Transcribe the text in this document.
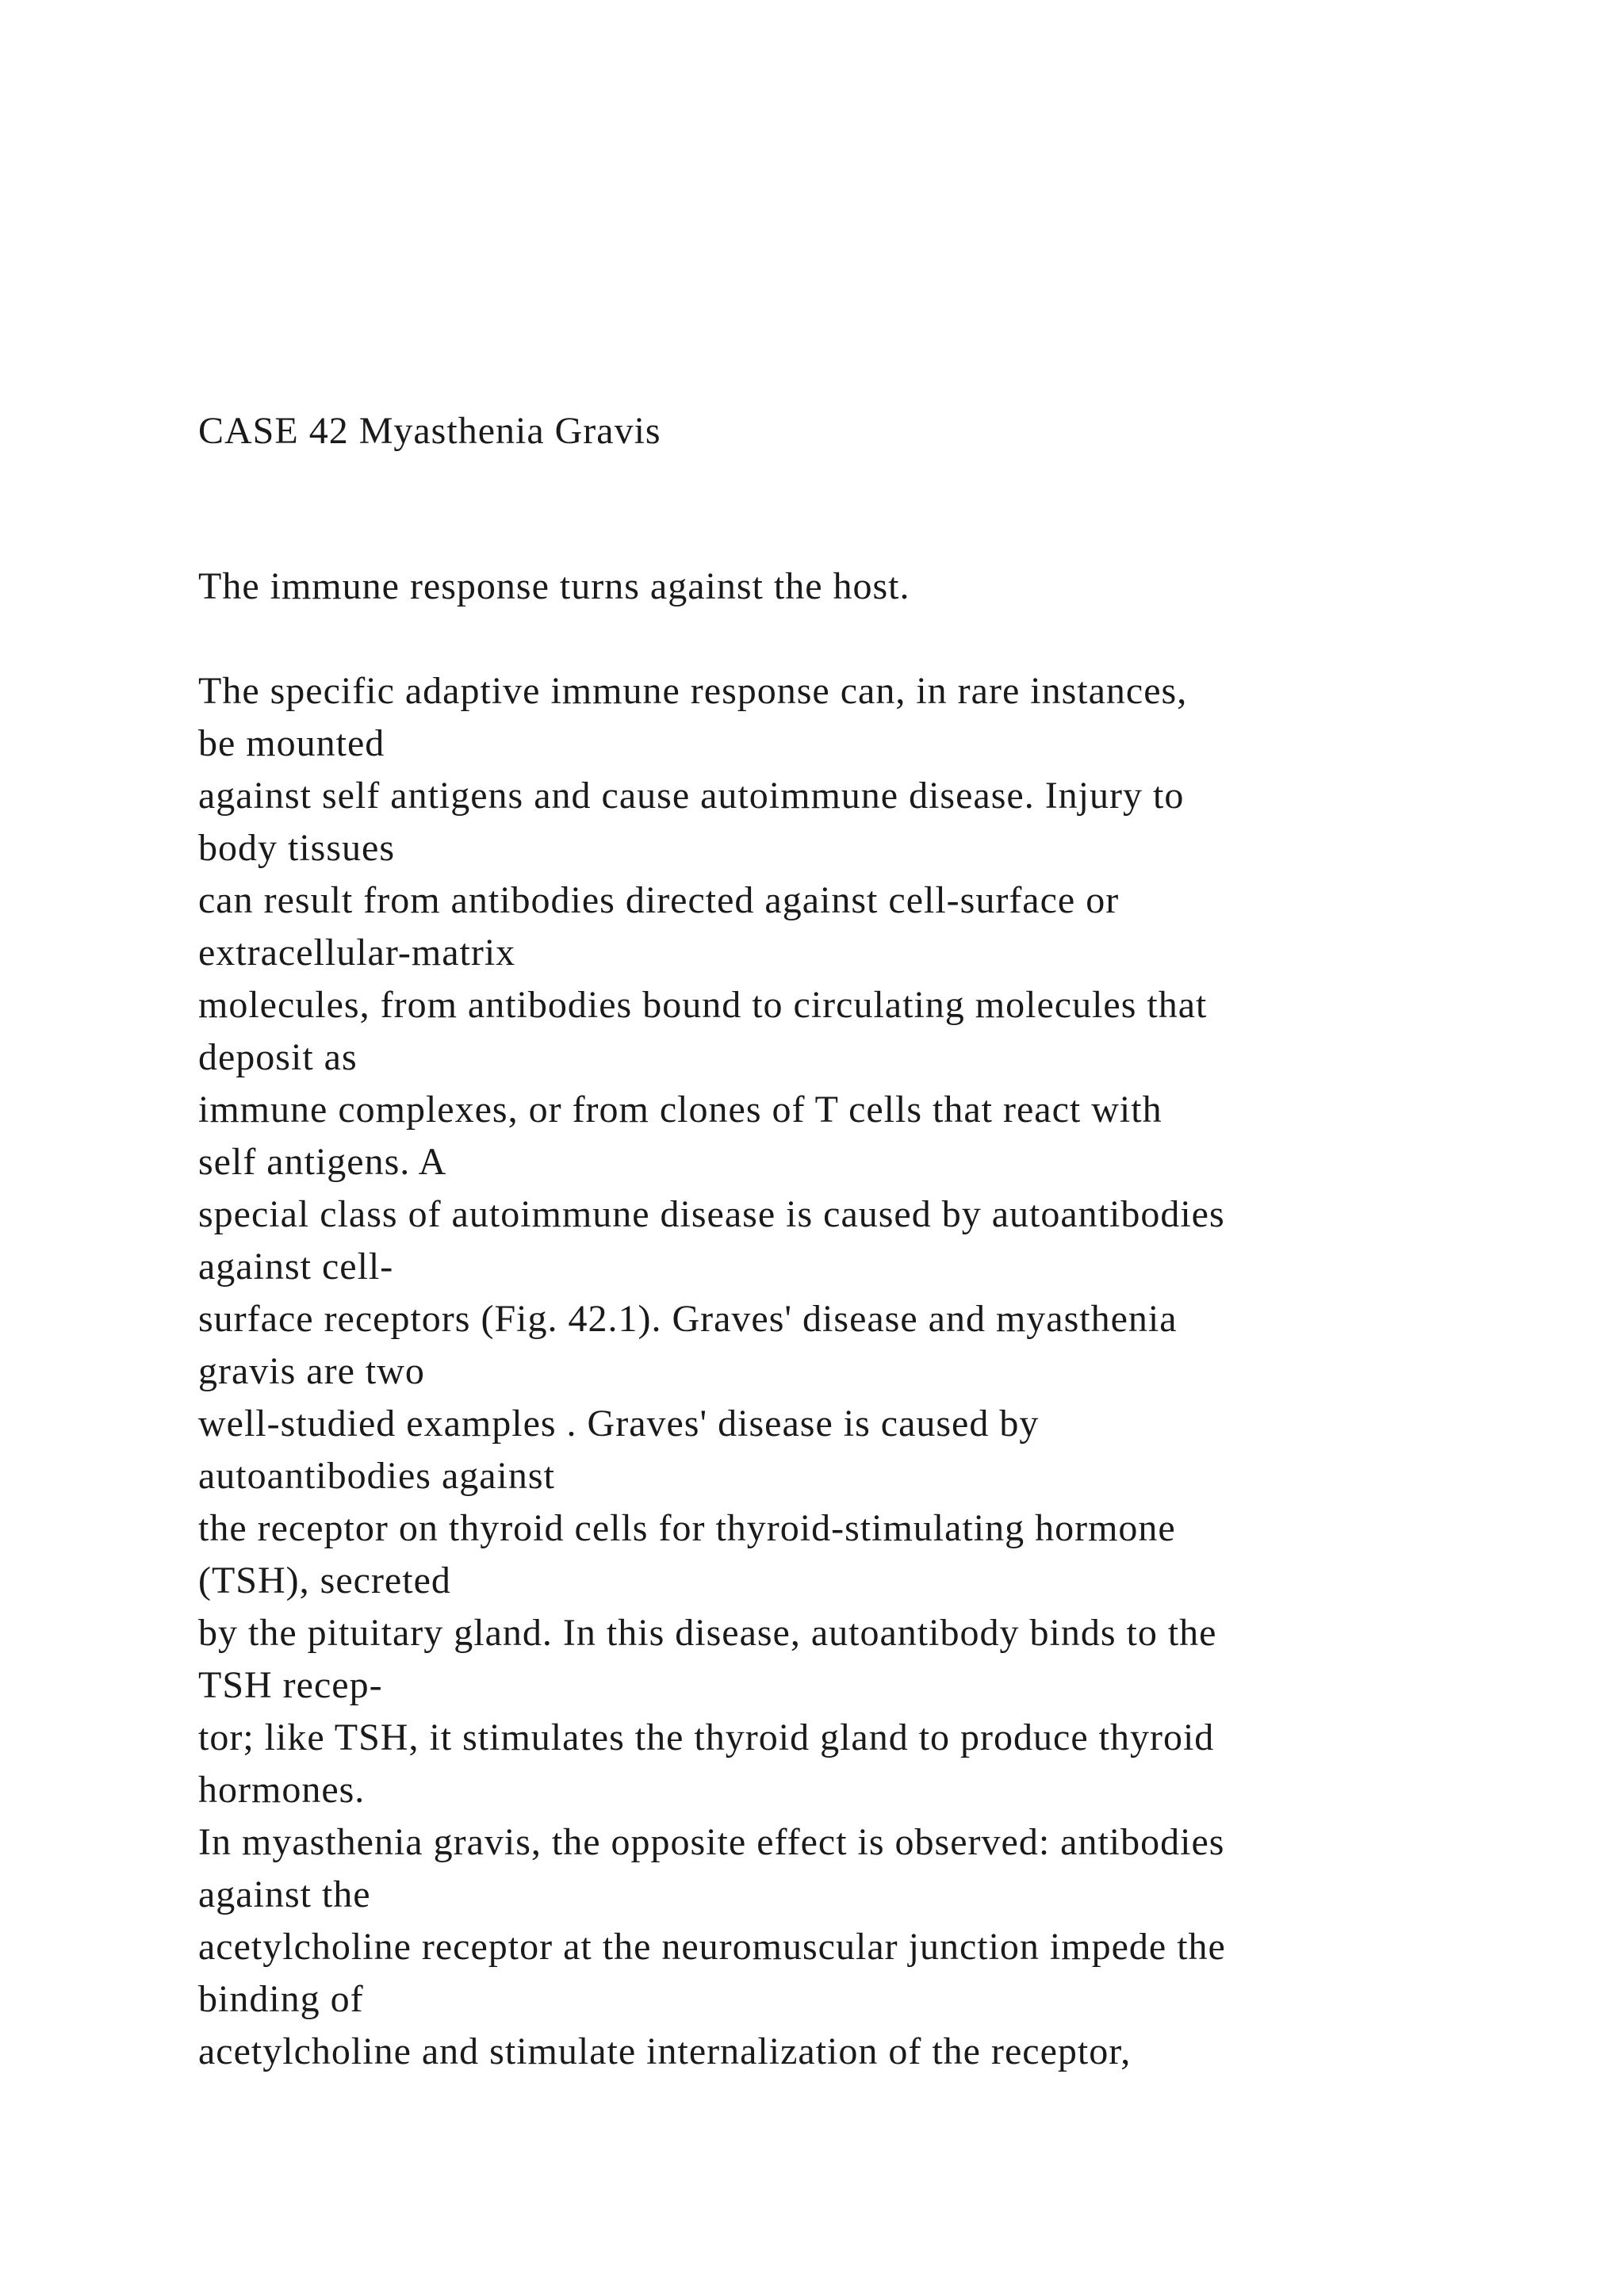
CASE 42 Myasthenia Gravis

The immune response turns against the host.

The specific adaptive immune response can, in rare instances,

be mounted

against self antigens and cause autoimmune disease. Injury to

body tissues

can result from antibodies directed against cell-surface or

extracellular-matrix

molecules, from antibodies bound to circulating molecules that

deposit as

immune complexes, or from clones of T cells that react with

self antigens. A

special class of autoimmune disease is caused by autoantibodies

against cell-

surface receptors (Fig. 42.1). Graves' disease and myasthenia

gravis are two

well-studied examples . Graves' disease is caused by

autoantibodies against

the receptor on thyroid cells for thyroid-stimulating hormone

(TSH), secreted

by the pituitary gland. In this disease, autoantibody binds to the

TSH recep-

tor; like TSH, it stimulates the thyroid gland to produce thyroid

hormones.

In myasthenia gravis, the opposite effect is observed: antibodies

against the

acetylcholine receptor at the neuromuscular junction impede the

binding of

acetylcholine and stimulate internalization of the receptor,
